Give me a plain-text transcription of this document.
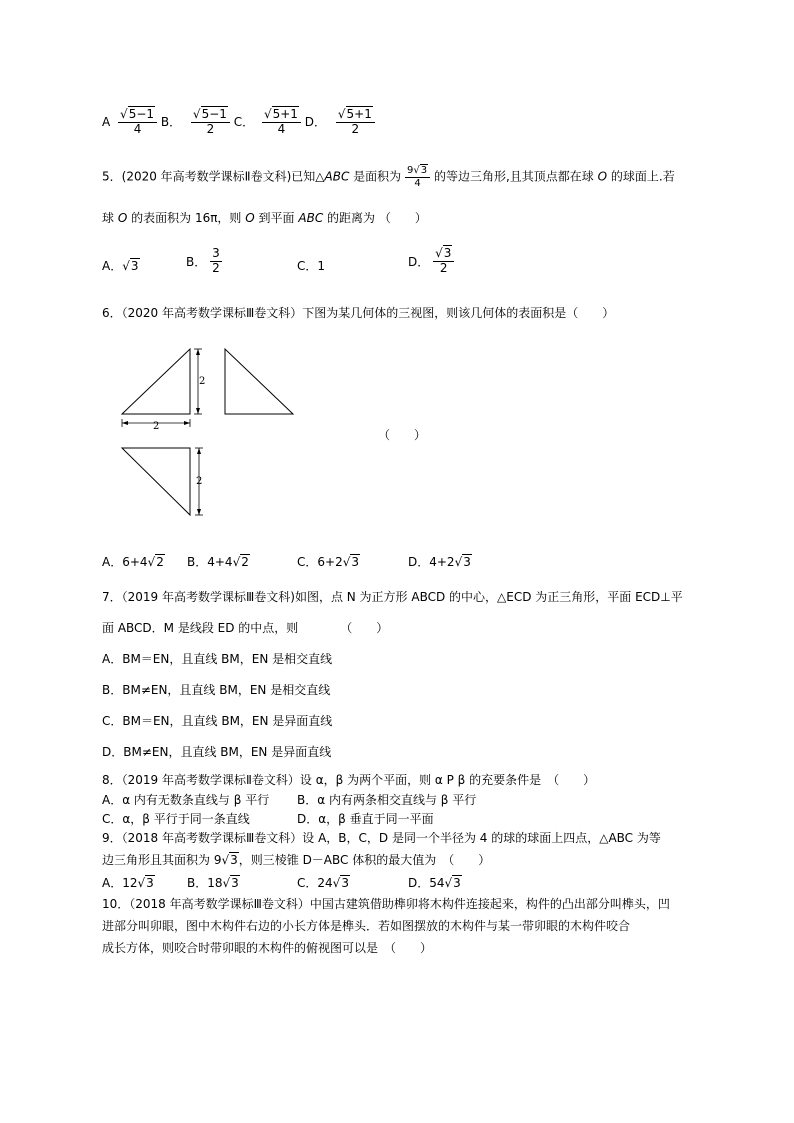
A $\frac{√5-1}{4}$ B． $\frac{√5-1}{2}$ C． $\frac{√5+1}{4}$ D． $\frac{√5+1}{2}$
5．(2020 年高考数学课标Ⅱ卷文科)已知△ABC 是面积为 $\frac{9√3}{4}$ 的等边三角形,且其顶点都在球 O 的球面上.若
球 O 的表面积为 16π，则 O 到平面 ABC 的距离为 （　　）
A．√3	B． $\frac{3}{2}$	C．1	D． $\frac{√3}{2}$
6．（2020 年高考数学课标Ⅲ卷文科）下图为某几何体的三视图，则该几何体的表面积是（　　）
2
2
2
（　　）
A．6+4√2 B．4+4√2	C．6+2√3	D．4+2√3
7．（2019 年高考数学课标Ⅲ卷文科)如图，点 N 为正方形 ABCD 的中心，△ECD 为正三角形，平面 ECD⊥平
面 ABCD．M 是线段 ED 的中点，则　　　　（　　）
A．BM＝EN，且直线 BM，EN 是相交直线
B．BM≠EN，且直线 BM，EN 是相交直线
C．BM＝EN，且直线 BM，EN 是异面直线
D．BM≠EN，且直线 BM，EN 是异面直线
8．（2019 年高考数学课标Ⅱ卷文科）设 α，β 为两个平面，则 α P β 的充要条件是　（　　）
A．α 内有无数条直线与 β 平行 B．α 内有两条相交直线与 β 平行
C．α，β 平行于同一条直线	D．α，β 垂直于同一平面
9．（2018 年高考数学课标Ⅲ卷文科）设 A，B，C，D 是同一个半径为 4 的球的球面上四点，△ABC 为等
边三角形且其面积为 9√3，则三棱锥 D－ABC 体积的最大值为　（　　）
A．12√3	B．18√3	C．24√3	D．54√3
10．（2018 年高考数学课标Ⅲ卷文科）中国古建筑借助榫卯将木构件连接起来，构件的凸出部分叫榫头，凹
进部分叫卯眼，图中木构件右边的小长方体是榫头．若如图摆放的木构件与某一带卯眼的木构件咬合
成长方体，则咬合时带卯眼的木构件的俯视图可以是　（　　）
